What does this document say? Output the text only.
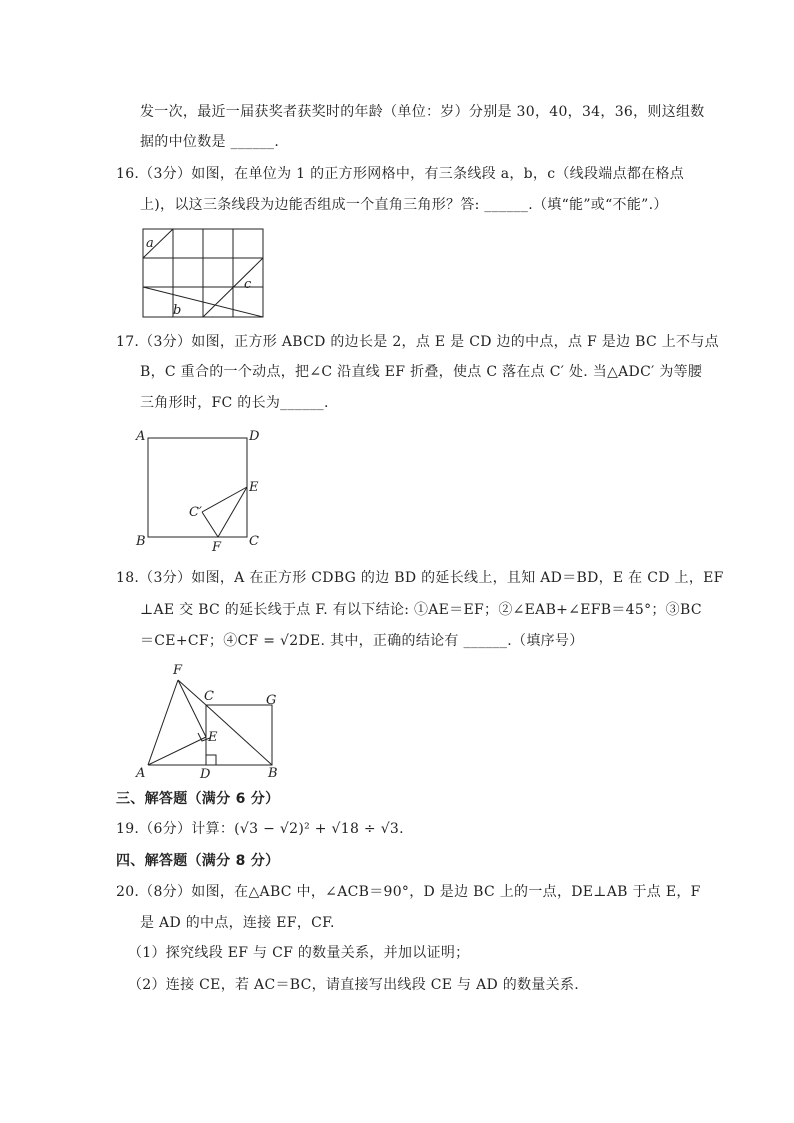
发一次，最近一届获奖者获奖时的年龄（单位：岁）分别是 30，40，34，36，则这组数
据的中位数是 ______.
16.（3分）如图，在单位为 1 的正方形网格中，有三条线段 a，b，c（线段端点都在格点
上)，以这三条线段为边能否组成一个直角三角形？答: ______.（填“能”或“不能”.）
a
b
c
17.（3分）如图，正方形 ABCD 的边长是 2，点 E 是 CD 边的中点，点 F 是边 BC 上不与点
B，C 重合的一个动点，把∠C 沿直线 EF 折叠，使点 C 落在点 C′ 处. 当△ADC′ 为等腰
三角形时，FC 的长为______.
A	D
E
C′
B	F C
18.（3分）如图，A 在正方形 CDBG 的边 BD 的延长线上，且知 AD＝BD，E 在 CD 上，EF
⊥AE 交 BC 的延长线于点 F. 有以下结论: ①AE＝EF；②∠EAB+∠EFB＝45°；③BC
＝CE+CF；④CF = √2DE. 其中，正确的结论有 ______.（填序号）
F
C	G
E
A	D	B
三、解答题（满分 6 分）
19.（6分）计算：(√3 − √2)² + √18 ÷ √3.
四、解答题（满分 8 分）
20.（8分）如图，在△ABC 中，∠ACB＝90°，D 是边 BC 上的一点，DE⊥AB 于点 E，F
是 AD 的中点，连接 EF，CF.
（1）探究线段 EF 与 CF 的数量关系，并加以证明；
（2）连接 CE，若 AC＝BC，请直接写出线段 CE 与 AD 的数量关系.
